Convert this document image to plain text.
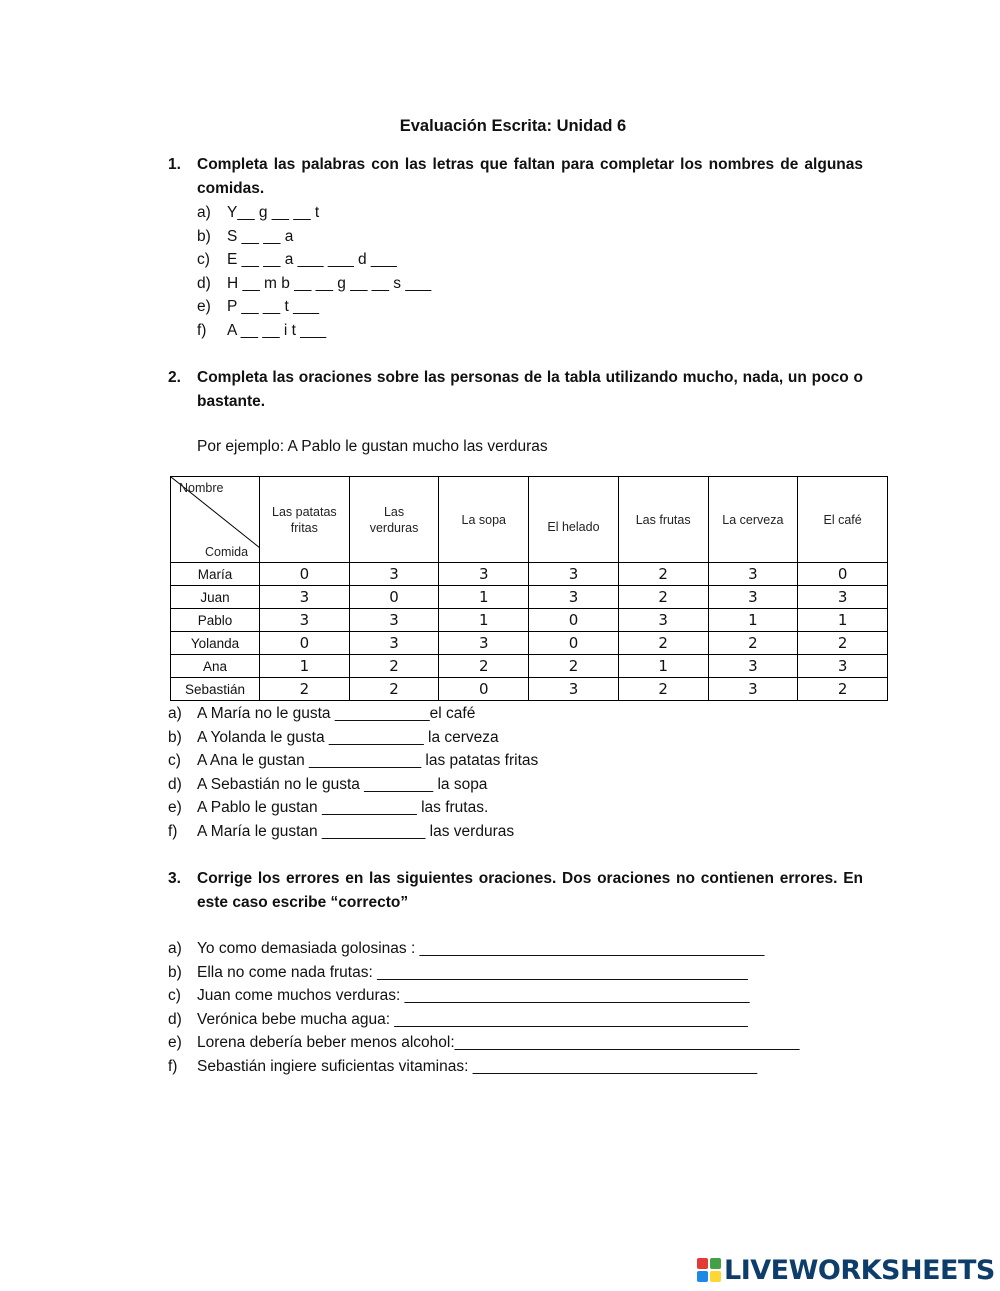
Evaluación Escrita: Unidad 6
1. Completa las palabras con las letras que faltan para completar los nombres de algunas comidas.
a) Y__ g __ __ t
b) S __ __ a
c) E __ __ a ___ ___ d ___
d) H __ m b __ __ g __ __ s ___
e) P __ __ t ___
f) A __ __ i t ___
2. Completa las oraciones sobre las personas de la tabla utilizando mucho, nada, un poco o bastante.
Por ejemplo: A Pablo le gustan mucho las verduras
Nombre
Comida	Las patatas fritas	Las verduras	La sopa	El helado	Las frutas	La cerveza	El café
María	0	3	3	3	2	3	0
Juan	3	0	1	3	2	3	3
Pablo	3	3	1	0	3	1	1
Yolanda	0	3	3	0	2	2	2
Ana	1	2	2	2	1	3	3
Sebastián	2	2	0	3	2	3	2
a) A María no le gusta ___________el café
b) A Yolanda le gusta ___________ la cerveza
c) A Ana le gustan _____________ las patatas fritas
d) A Sebastián no le gusta ________ la sopa
e) A Pablo le gustan ___________ las frutas.
f) A María le gustan ____________ las verduras
3. Corrige los errores en las siguientes oraciones. Dos oraciones no contienen errores. En este caso escribe “correcto”
a) Yo como demasiada golosinas : ________________________________________
b) Ella no come nada frutas: ___________________________________________
c) Juan come muchos verduras: ________________________________________
d) Verónica bebe mucha agua: _________________________________________
e) Lorena debería beber menos alcohol:________________________________________
f) Sebastián ingiere suficientas vitaminas: _________________________________
LIVEWORKSHEETS
